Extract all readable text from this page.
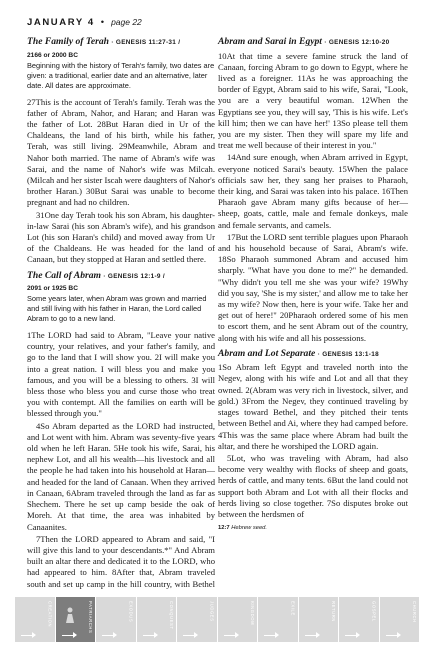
JANUARY 4 • page 22
The Family of Terah · GENESIS 11:27-31 /
2166 or 2000 BC
Beginning with the history of Terah's family, two dates are given: a traditional, earlier date and an alternative, later date. All dates are approximate.

27This is the account of Terah's family. Terah was the father of Abram, Nahor, and Haran; and Haran was the father of Lot. 28But Haran died in Ur of the Chaldeans, the land of his birth, while his father, Terah, was still living. 29Meanwhile, Abram and Nahor both married. The name of Abram's wife was Sarai, and the name of Nahor's wife was Milcah. (Milcah and her sister Iscah were daughters of Nahor's brother Haran.) 30But Sarai was unable to become pregnant and had no children.

31One day Terah took his son Abram, his daughter-in-law Sarai (his son Abram's wife), and his grandson Lot (his son Haran's child) and moved away from Ur of the Chaldeans. He was headed for the land of Canaan, but they stopped at Haran and settled there.

The Call of Abram · GENESIS 12:1-9 /
2091 or 1925 BC
Some years later, when Abram was grown and married and still living with his father in Haran, the Lord called Abram to go to a new land.

1The LORD had said to Abram, "Leave your native country, your relatives, and your father's family, and go to the land that I will show you. 2I will make you into a great nation. I will bless you and make you famous, and you will be a blessing to others. 3I will bless those who bless you and curse those who treat you with contempt. All the families on earth will be blessed through you."

4So Abram departed as the LORD had instructed, and Lot went with him. Abram was seventy-five years old when he left Haran. 5He took his wife, Sarai, his nephew Lot, and all his wealth—his livestock and all the people he had taken into his household at Haran—and headed for the land of Canaan. When they arrived in Canaan, 6Abram traveled through the land as far as Shechem. There he set up camp beside the oak of Moreh. At that time, the area was inhabited by Canaanites.

7Then the LORD appeared to Abram and said, "I will give this land to your descendants.*" And Abram built an altar there and dedicated it to the LORD, who had appeared to him. 8After that, Abram traveled south and set up camp in the hill country, with Bethel

Abram and Sarai in Egypt · GENESIS 12:10-20

10At that time a severe famine struck the land of Canaan, forcing Abram to go down to Egypt, where he lived as a foreigner. 11As he was approaching the border of Egypt, Abram said to his wife, Sarai, "Look, you are a very beautiful woman. 12When the Egyptians see you, they will say, 'This is his wife. Let's kill him; then we can have her!' 13So please tell them you are my sister. Then they will spare my life and treat me well because of their interest in you."

14And sure enough, when Abram arrived in Egypt, everyone noticed Sarai's beauty. 15When the palace officials saw her, they sang her praises to Pharaoh, their king, and Sarai was taken into his palace. 16Then Pharaoh gave Abram many gifts because of her—sheep, goats, cattle, male and female donkeys, male and female servants, and camels.

17But the LORD sent terrible plagues upon Pharaoh and his household because of Sarai, Abram's wife. 18So Pharaoh summoned Abram and accused him sharply. "What have you done to me?" he demanded. "Why didn't you tell me she was your wife? 19Why did you say, 'She is my sister,' and allow me to take her as my wife? Now then, here is your wife. Take her and get out of here!" 20Pharaoh ordered some of his men to escort them, and he sent Abram out of the country, along with his wife and all his possessions.

Abram and Lot Separate · GENESIS 13:1-18

1So Abram left Egypt and traveled north into the Negev, along with his wife and Lot and all that they owned. 2(Abram was very rich in livestock, silver, and gold.) 3From the Negev, they continued traveling by stages toward Bethel, and they pitched their tents between Bethel and Ai, where they had camped before. 4This was the same place where Abram had built the altar, and there he worshiped the LORD again.

5Lot, who was traveling with Abram, had also become very wealthy with flocks of sheep and goats, herds of cattle, and many tents. 6But the land could not support both Abram and Lot with all their flocks and herds living so close together. 7So disputes broke out between the herdsmen of

12:7 Hebrew seed.
CREATION	PATRIARCHS	EXODUS	CONQUEST	JUDGES	KINGDOM	EXILE	RETURN	GOSPEL	CHURCH
